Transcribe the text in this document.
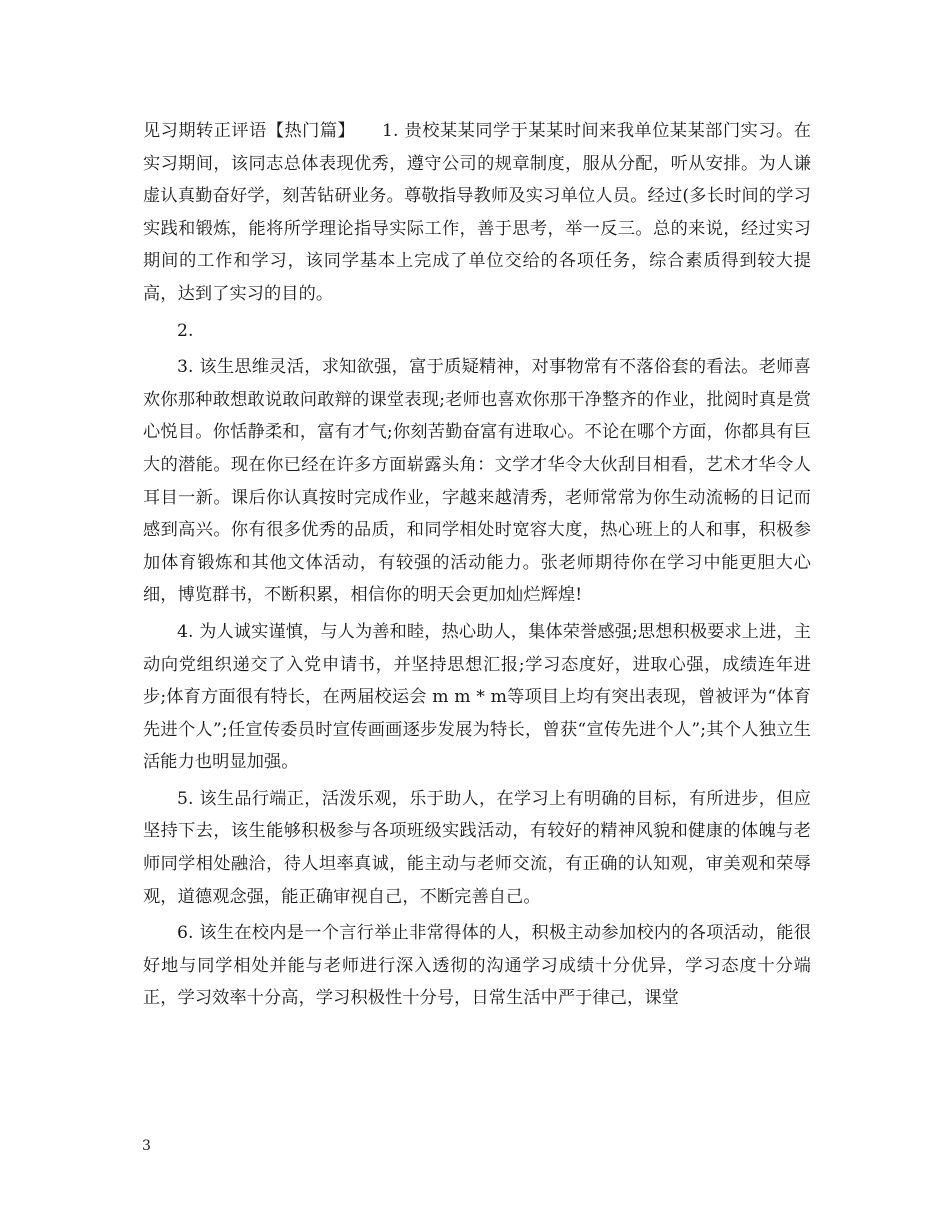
见习期转正评语【热门篇】　　1. 贵校某某同学于某某时间来我单位某某部门实习。在实习期间，该同志总体表现优秀，遵守公司的规章制度，服从分配，听从安排。为人谦虚认真勤奋好学，刻苦钻研业务。尊敬指导教师及实习单位人员。经过(多长时间的学习实践和锻炼，能将所学理论指导实际工作，善于思考，举一反三。总的来说，经过实习期间的工作和学习，该同学基本上完成了单位交给的各项任务，综合素质得到较大提高，达到了实习的目的。

2.

3. 该生思维灵活，求知欲强，富于质疑精神，对事物常有不落俗套的看法。老师喜欢你那种敢想敢说敢问敢辩的课堂表现;老师也喜欢你那干净整齐的作业，批阅时真是赏心悦目。你恬静柔和，富有才气;你刻苦勤奋富有进取心。不论在哪个方面，你都具有巨大的潜能。现在你已经在许多方面崭露头角：文学才华令大伙刮目相看，艺术才华令人耳目一新。课后你认真按时完成作业，字越来越清秀，老师常常为你生动流畅的日记而感到高兴。你有很多优秀的品质，和同学相处时宽容大度，热心班上的人和事，积极参加体育锻炼和其他文体活动，有较强的活动能力。张老师期待你在学习中能更胆大心细，博览群书，不断积累，相信你的明天会更加灿烂辉煌!

4. 为人诚实谨慎，与人为善和睦，热心助人，集体荣誉感强;思想积极要求上进，主动向党组织递交了入党申请书，并坚持思想汇报;学习态度好，进取心强，成绩连年进步;体育方面很有特长，在两届校运会 m m * m等项目上均有突出表现，曾被评为“体育先进个人”;任宣传委员时宣传画画逐步发展为特长，曾获“宣传先进个人”;其个人独立生活能力也明显加强。

5. 该生品行端正，活泼乐观，乐于助人，在学习上有明确的目标，有所进步，但应坚持下去，该生能够积极参与各项班级实践活动，有较好的精神风貌和健康的体魄与老师同学相处融洽，待人坦率真诚，能主动与老师交流，有正确的认知观，审美观和荣辱观，道德观念强，能正确审视自己，不断完善自己。

6. 该生在校内是一个言行举止非常得体的人，积极主动参加校内的各项活动，能很好地与同学相处并能与老师进行深入透彻的沟通学习成绩十分优异，学习态度十分端正，学习效率十分高，学习积极性十分号，日常生活中严于律己，课堂

3
